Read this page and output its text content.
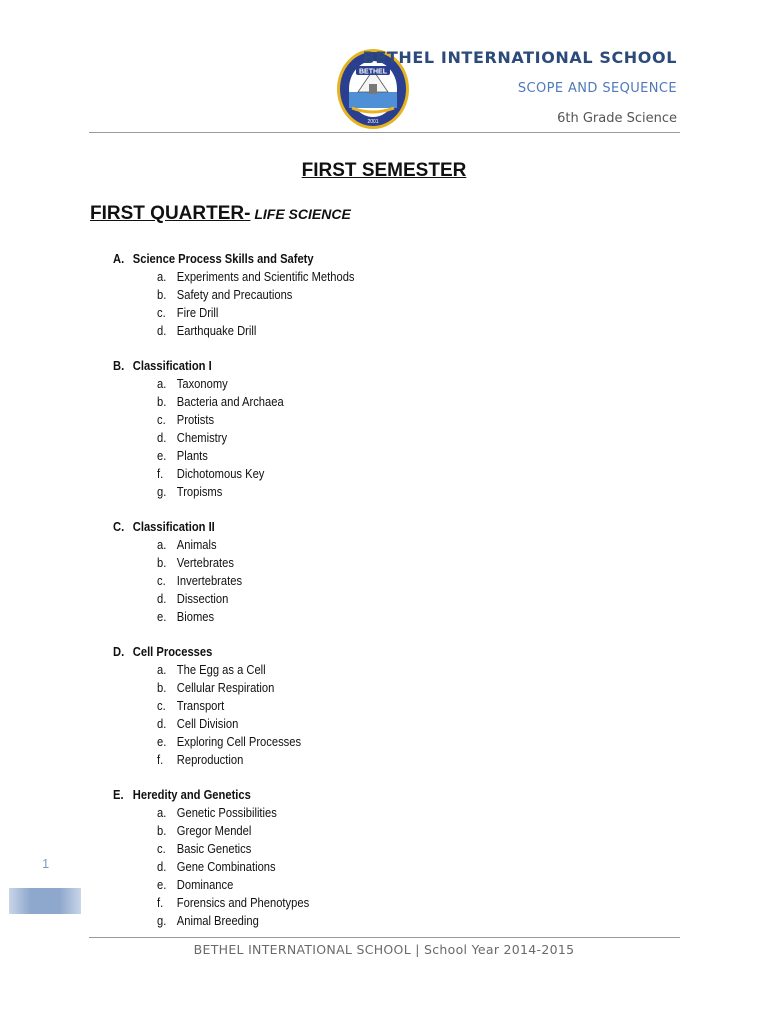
BETHEL
2001
BETHEL INTERNATIONAL SCHOOL
SCOPE AND SEQUENCE
6th Grade Science
FIRST SEMESTER
FIRST QUARTER- LIFE SCIENCE
A. Science Process Skills and Safety
a. Experiments and Scientific Methods
b. Safety and Precautions
c. Fire Drill
d. Earthquake Drill
B. Classification I
a. Taxonomy
b. Bacteria and Archaea
c. Protists
d. Chemistry
e. Plants
f. Dichotomous Key
g. Tropisms
C. Classification II
a. Animals
b. Vertebrates
c. Invertebrates
d. Dissection
e. Biomes
D. Cell Processes
a. The Egg as a Cell
b. Cellular Respiration
c. Transport
d. Cell Division
e. Exploring Cell Processes
f. Reproduction
E. Heredity and Genetics
a. Genetic Possibilities
b. Gregor Mendel
c. Basic Genetics
d. Gene Combinations
e. Dominance
f. Forensics and Phenotypes
g. Animal Breeding
1
BETHEL INTERNATIONAL SCHOOL | School Year 2014-2015
